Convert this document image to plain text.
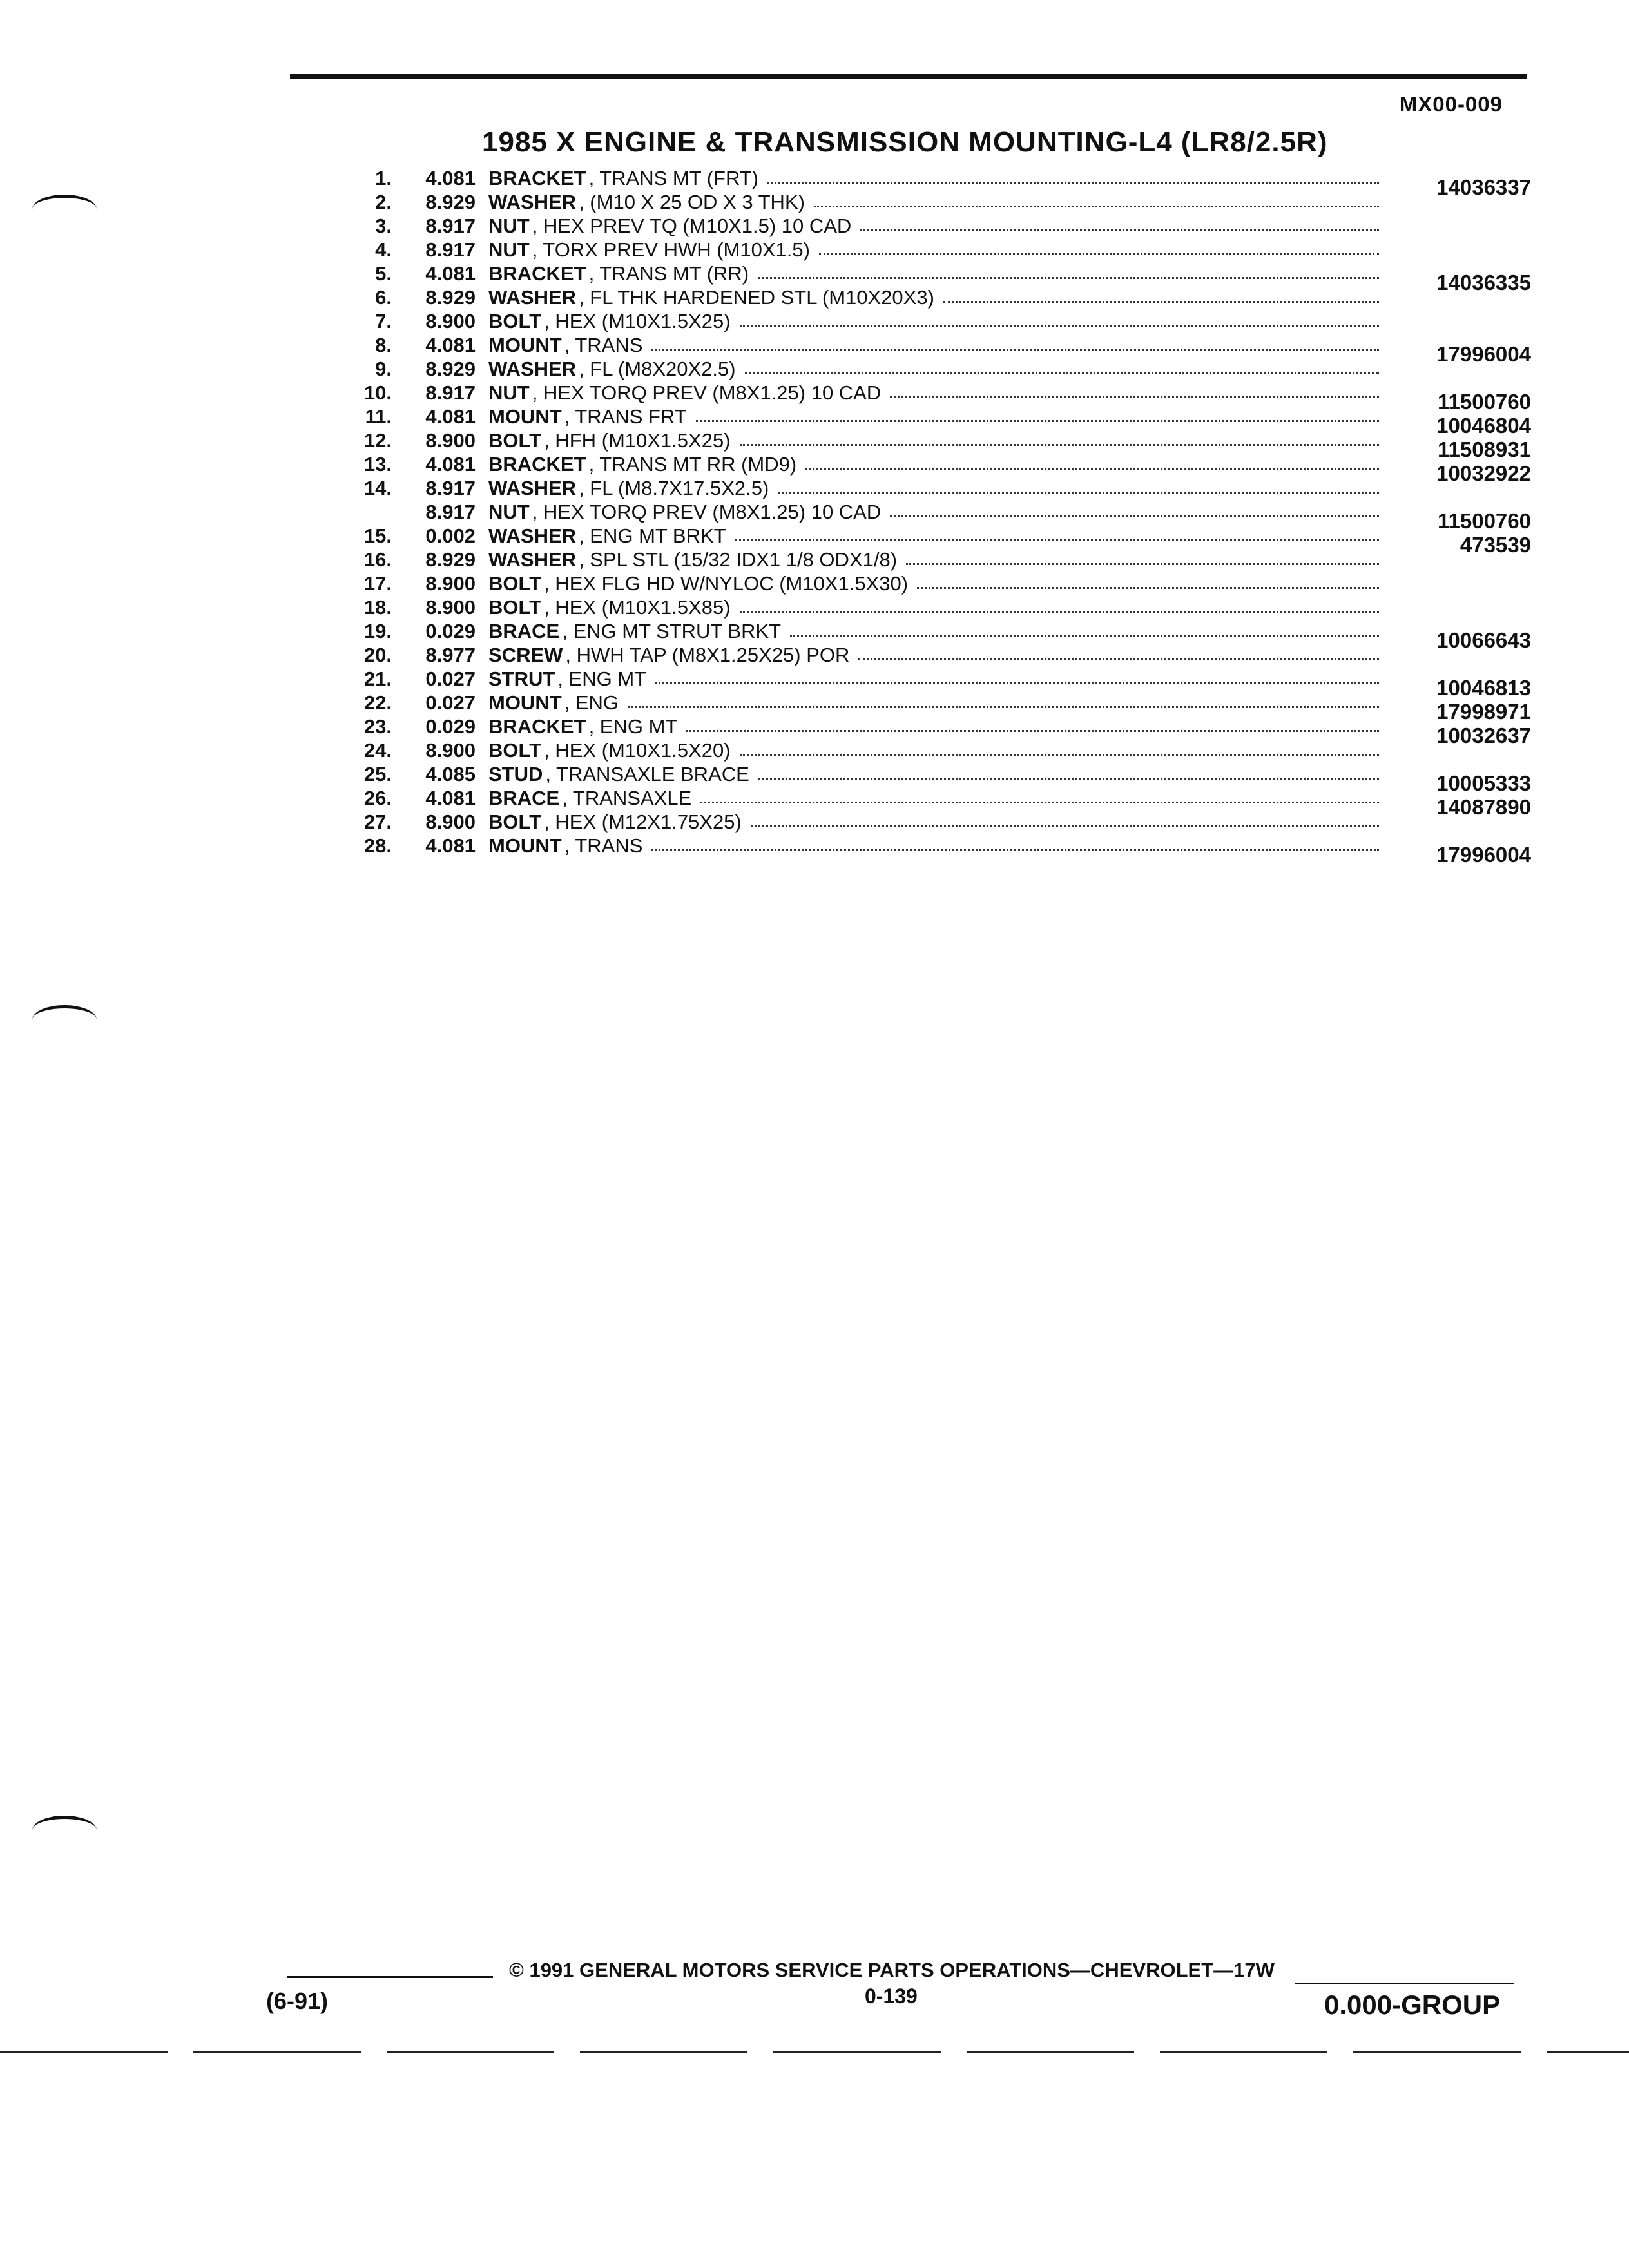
MX00-009
1985 X ENGINE & TRANSMISSION MOUNTING-L4 (LR8/2.5R)
1.	4.081 BRACKET , TRANS MT (FRT)	14036337
2.	8.929 WASHER , (M10 X 25 OD X 3 THK)
3.	8.917 NUT , HEX PREV TQ (M10X1.5) 10 CAD
4.	8.917 NUT , TORX PREV HWH (M10X1.5)
5.	4.081 BRACKET , TRANS MT (RR)	14036335
6.	8.929 WASHER , FL THK HARDENED STL (M10X20X3)
7.	8.900 BOLT , HEX (M10X1.5X25)
8.	4.081 MOUNT , TRANS	17996004
9.	8.929 WASHER , FL (M8X20X2.5)
10.	8.917 NUT , HEX TORQ PREV (M8X1.25) 10 CAD	11500760
11.	4.081 MOUNT , TRANS FRT	10046804
12.	8.900 BOLT , HFH (M10X1.5X25)	11508931
13.	4.081 BRACKET , TRANS MT RR (MD9)	10032922
14.	8.917 WASHER , FL (M8.7X17.5X2.5)
8.917 NUT , HEX TORQ PREV (M8X1.25) 10 CAD	11500760
15.	0.002 WASHER , ENG MT BRKT	473539
16.	8.929 WASHER , SPL STL (15/32 IDX1 1/8 ODX1/8)
17.	8.900 BOLT , HEX FLG HD W/NYLOC (M10X1.5X30)
18.	8.900 BOLT , HEX (M10X1.5X85)
19.	0.029 BRACE , ENG MT STRUT BRKT	10066643
20.	8.977 SCREW , HWH TAP (M8X1.25X25) POR
21.	0.027 STRUT , ENG MT	10046813
22.	0.027 MOUNT , ENG	17998971
23.	0.029 BRACKET , ENG MT	10032637
24.	8.900 BOLT , HEX (M10X1.5X20)
25.	4.085 STUD , TRANSAXLE BRACE	10005333
26.	4.081 BRACE , TRANSAXLE	14087890
27.	8.900 BOLT , HEX (M12X1.75X25)
28.	4.081 MOUNT , TRANS	17996004
© 1991 GENERAL MOTORS SERVICE PARTS OPERATIONS—CHEVROLET—17W
(6-91)	0-139	0.000-GROUP
